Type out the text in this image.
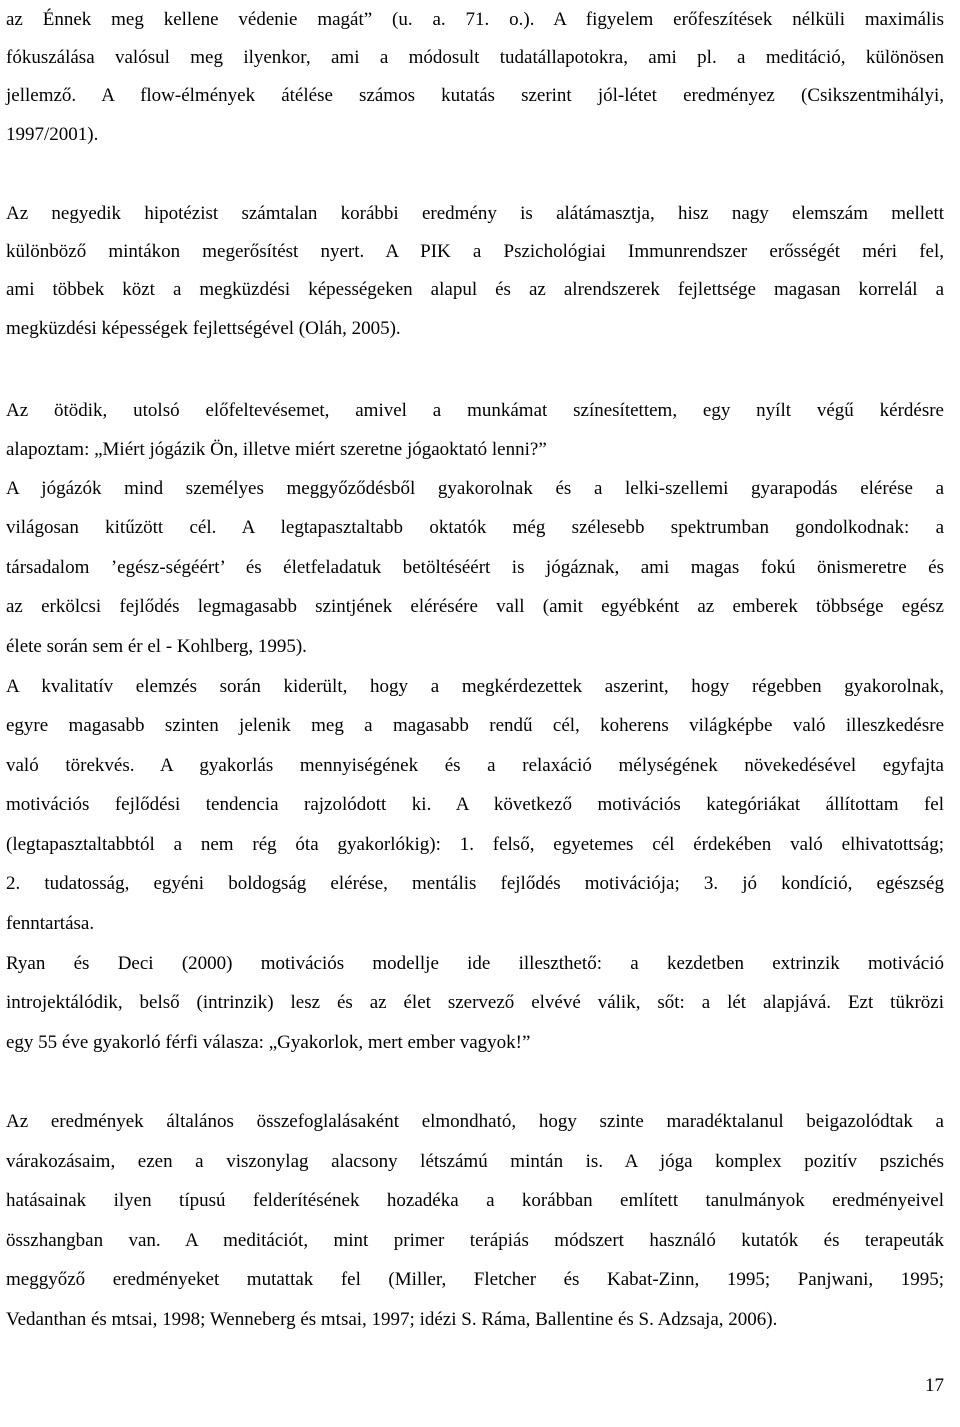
az Énnek meg kellene védenie magát” (u. a. 71. o.). A figyelem erőfeszítések nélküli maximális
fókuszálása valósul meg ilyenkor, ami a módosult tudatállapotokra, ami pl. a meditáció, különösen
jellemző. A flow-élmények átélése számos kutatás szerint jól-létet eredményez (Csikszentmihályi,
1997/2001).
Az negyedik hipotézist számtalan korábbi eredmény is alátámasztja, hisz nagy elemszám mellett
különböző mintákon megerősítést nyert. A PIK a Pszichológiai Immunrendszer erősségét méri fel,
ami többek közt a megküzdési képességeken alapul és az alrendszerek fejlettsége magasan korrelál a
megküzdési képességek fejlettségével (Oláh, 2005).
Az ötödik, utolsó előfeltevésemet, amivel a munkámat színesítettem, egy nyílt végű kérdésre
alapoztam: „Miért jógázik Ön, illetve miért szeretne jógaoktató lenni?”
A jógázók mind személyes meggyőződésből gyakorolnak és a lelki-szellemi gyarapodás elérése a
világosan kitűzött cél. A legtapasztaltabb oktatók még szélesebb spektrumban gondolkodnak: a
társadalom ’egész-ségéért’ és életfeladatuk betöltéséért is jógáznak, ami magas fokú önismeretre és
az erkölcsi fejlődés legmagasabb szintjének elérésére vall (amit egyébként az emberek többsége egész
élete során sem ér el - Kohlberg, 1995).
A kvalitatív elemzés során kiderült, hogy a megkérdezettek aszerint, hogy régebben gyakorolnak,
egyre magasabb szinten jelenik meg a magasabb rendű cél, koherens világképbe való illeszkedésre
való törekvés. A gyakorlás mennyiségének és a relaxáció mélységének növekedésével egyfajta
motivációs fejlődési tendencia rajzolódott ki. A következő motivációs kategóriákat állítottam fel
(legtapasztaltabbtól a nem rég óta gyakorlókig): 1. felső, egyetemes cél érdekében való elhivatottság;
2. tudatosság, egyéni boldogság elérése, mentális fejlődés motivációja; 3. jó kondíció, egészség
fenntartása.
Ryan és Deci (2000) motivációs modellje ide illeszthető: a kezdetben extrinzik motiváció
introjektálódik, belső (intrinzik) lesz és az élet szervező elvévé válik, sőt: a lét alapjává. Ezt tükrözi
egy 55 éve gyakorló férfi válasza: „Gyakorlok, mert ember vagyok!”
Az eredmények általános összefoglalásaként elmondható, hogy szinte maradéktalanul beigazolódtak a
várakozásaim, ezen a viszonylag alacsony létszámú mintán is. A jóga komplex pozitív pszichés
hatásainak ilyen típusú felderítésének hozadéka a korábban említett tanulmányok eredményeivel
összhangban van. A meditációt, mint primer terápiás módszert használó kutatók és terapeuták
meggyőző eredményeket mutattak fel (Miller, Fletcher és Kabat-Zinn, 1995; Panjwani, 1995;
Vedanthan és mtsai, 1998; Wenneberg és mtsai, 1997; idézi S. Ráma, Ballentine és S. Adzsaja, 2006).
17
